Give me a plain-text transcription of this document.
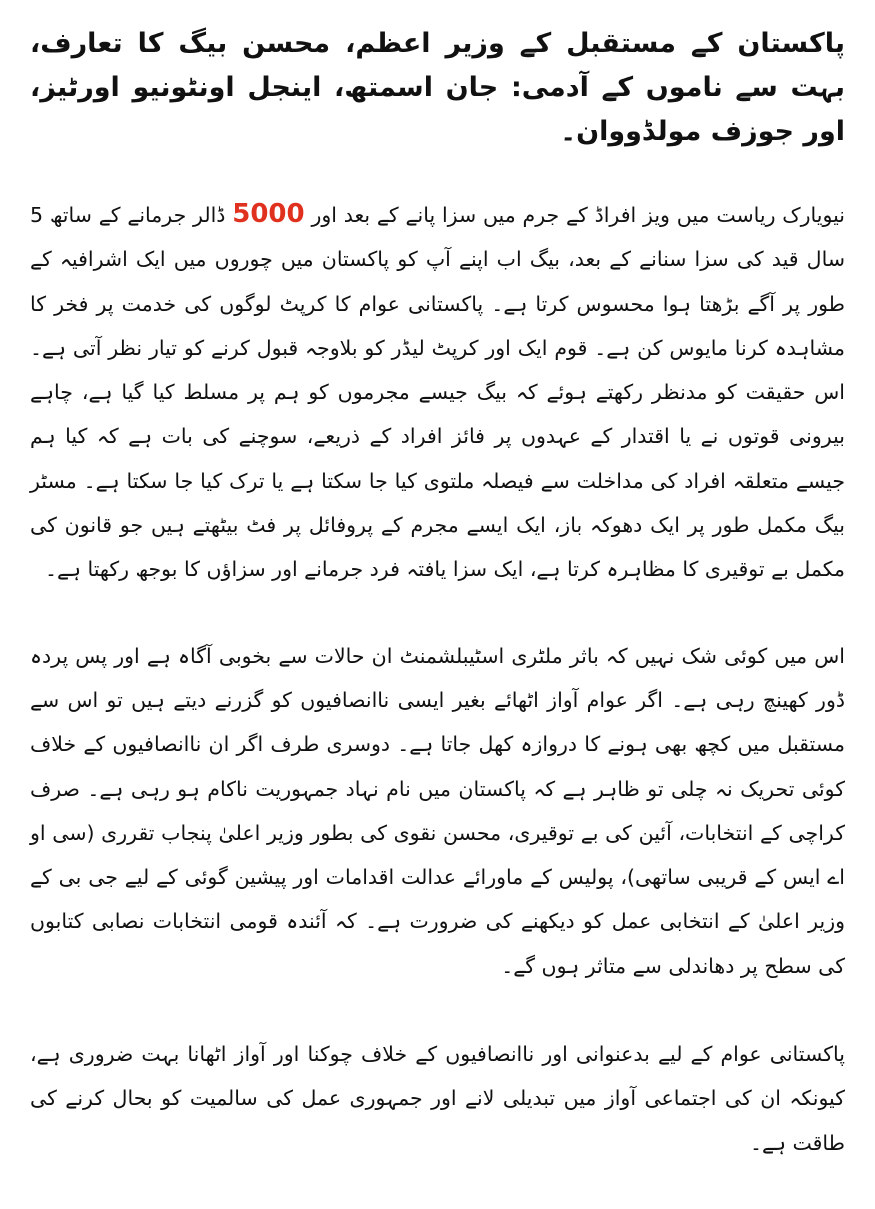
پاکستان کے مستقبل کے وزیر اعظم، محسن بیگ کا تعارف، بہت سے ناموں کے آدمی: جان اسمتھ، اینجل اونٹونیو اورٹیز، اور جوزف مولڈووان۔

نیویارک ریاست میں ویز افراڈ کے جرم میں سزا پانے کے بعد اور 5000 ڈالر جرمانے کے ساتھ 5 سال قید کی سزا سنانے کے بعد، بیگ اب اپنے آپ کو پاکستان میں چوروں میں ایک اشرافیہ کے طور پر آگے بڑھتا ہوا محسوس کرتا ہے۔ پاکستانی عوام کا کرپٹ لوگوں کی خدمت پر فخر کا مشاہدہ کرنا مایوس کن ہے۔ قوم ایک اور کرپٹ لیڈر کو بلاوجہ قبول کرنے کو تیار نظر آتی ہے۔ اس حقیقت کو مدنظر رکھتے ہوئے کہ بیگ جیسے مجرموں کو ہم پر مسلط کیا گیا ہے، چاہے بیرونی قوتوں نے یا اقتدار کے عہدوں پر فائز افراد کے ذریعے، سوچنے کی بات ہے کہ کیا ہم جیسے متعلقہ افراد کی مداخلت سے فیصلہ ملتوی کیا جا سکتا ہے یا ترک کیا جا سکتا ہے۔ مسٹر بیگ مکمل طور پر ایک دھوکہ باز، ایک ایسے مجرم کے پروفائل پر فٹ بیٹھتے ہیں جو قانون کی مکمل بے توقیری کا مظاہرہ کرتا ہے، ایک سزا یافتہ فرد جرمانے اور سزاؤں کا بوجھ رکھتا ہے۔

اس میں کوئی شک نہیں کہ باثر ملٹری اسٹیبلشمنٹ ان حالات سے بخوبی آگاہ ہے اور پس پردہ ڈور کھینچ رہی ہے۔ اگر عوام آواز اٹھائے بغیر ایسی ناانصافیوں کو گزرنے دیتے ہیں تو اس سے مستقبل میں کچھ بھی ہونے کا دروازہ کھل جاتا ہے۔ دوسری طرف اگر ان ناانصافیوں کے خلاف کوئی تحریک نہ چلی تو ظاہر ہے کہ پاکستان میں نام نہاد جمہوریت ناکام ہو رہی ہے۔ صرف کراچی کے انتخابات، آئین کی بے توقیری، محسن نقوی کی بطور وزیر اعلیٰ پنجاب تقرری (سی او اے ایس کے قریبی ساتھی)، پولیس کے ماورائے عدالت اقدامات اور پیشین گوئی کے لیے جی بی کے وزیر اعلیٰ کے انتخابی عمل کو دیکھنے کی ضرورت ہے۔ کہ آئندہ قومی انتخابات نصابی کتابوں کی سطح پر دھاندلی سے متاثر ہوں گے۔

پاکستانی عوام کے لیے بدعنوانی اور ناانصافیوں کے خلاف چوکنا اور آواز اٹھانا بہت ضروری ہے، کیونکہ ان کی اجتماعی آواز میں تبدیلی لانے اور جمہوری عمل کی سالمیت کو بحال کرنے کی طاقت ہے۔
